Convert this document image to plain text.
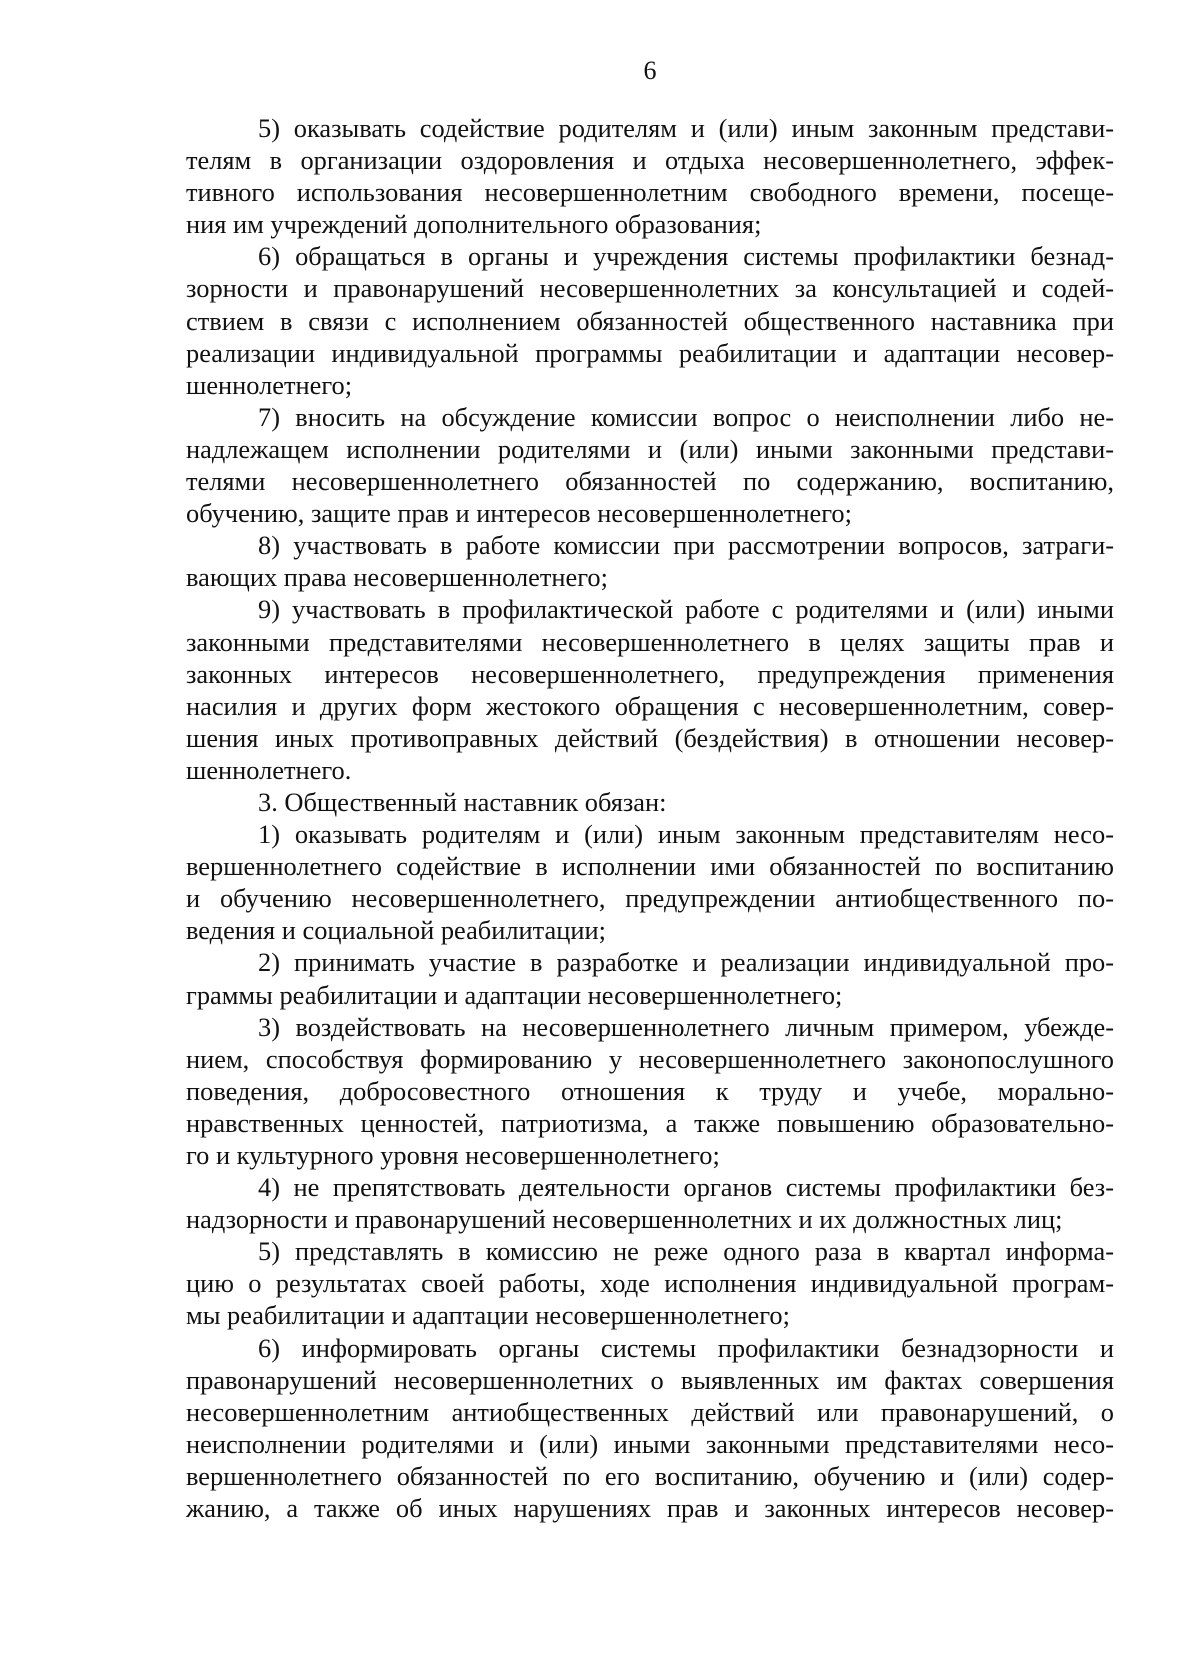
6
5) оказывать содействие родителям и (или) иным законным представи-
телям в организации оздоровления и отдыха несовершеннолетнего, эффек-
тивного использования несовершеннолетним свободного времени, посеще-
ния им учреждений дополнительного образования;
6) обращаться в органы и учреждения системы профилактики безнад-
зорности и правонарушений несовершеннолетних за консультацией и содей-
ствием в связи с исполнением обязанностей общественного наставника при
реализации индивидуальной программы реабилитации и адаптации несовер-
шеннолетнего;
7) вносить на обсуждение комиссии вопрос о неисполнении либо не-
надлежащем исполнении родителями и (или) иными законными представи-
телями несовершеннолетнего обязанностей по содержанию, воспитанию,
обучению, защите прав и интересов несовершеннолетнего;
8) участвовать в работе комиссии при рассмотрении вопросов, затраги-
вающих права несовершеннолетнего;
9) участвовать в профилактической работе с родителями и (или) иными
законными представителями несовершеннолетнего в целях защиты прав и
законных интересов несовершеннолетнего, предупреждения применения
насилия и других форм жестокого обращения с несовершеннолетним, совер-
шения иных противоправных действий (бездействия) в отношении несовер-
шеннолетнего.
3. Общественный наставник обязан:
1) оказывать родителям и (или) иным законным представителям несо-
вершеннолетнего содействие в исполнении ими обязанностей по воспитанию
и обучению несовершеннолетнего, предупреждении антиобщественного по-
ведения и социальной реабилитации;
2) принимать участие в разработке и реализации индивидуальной про-
граммы реабилитации и адаптации несовершеннолетнего;
3) воздействовать на несовершеннолетнего личным примером, убежде-
нием, способствуя формированию у несовершеннолетнего законопослушного
поведения, добросовестного отношения к труду и учебе, морально-
нравственных ценностей, патриотизма, а также повышению образовательно-
го и культурного уровня несовершеннолетнего;
4) не препятствовать деятельности органов системы профилактики без-
надзорности и правонарушений несовершеннолетних и их должностных лиц;
5) представлять в комиссию не реже одного раза в квартал информа-
цию о результатах своей работы, ходе исполнения индивидуальной програм-
мы реабилитации и адаптации несовершеннолетнего;
6) информировать органы системы профилактики безнадзорности и
правонарушений несовершеннолетних о выявленных им фактах совершения
несовершеннолетним антиобщественных действий или правонарушений, о
неисполнении родителями и (или) иными законными представителями несо-
вершеннолетнего обязанностей по его воспитанию, обучению и (или) содер-
жанию, а также об иных нарушениях прав и законных интересов несовер-
